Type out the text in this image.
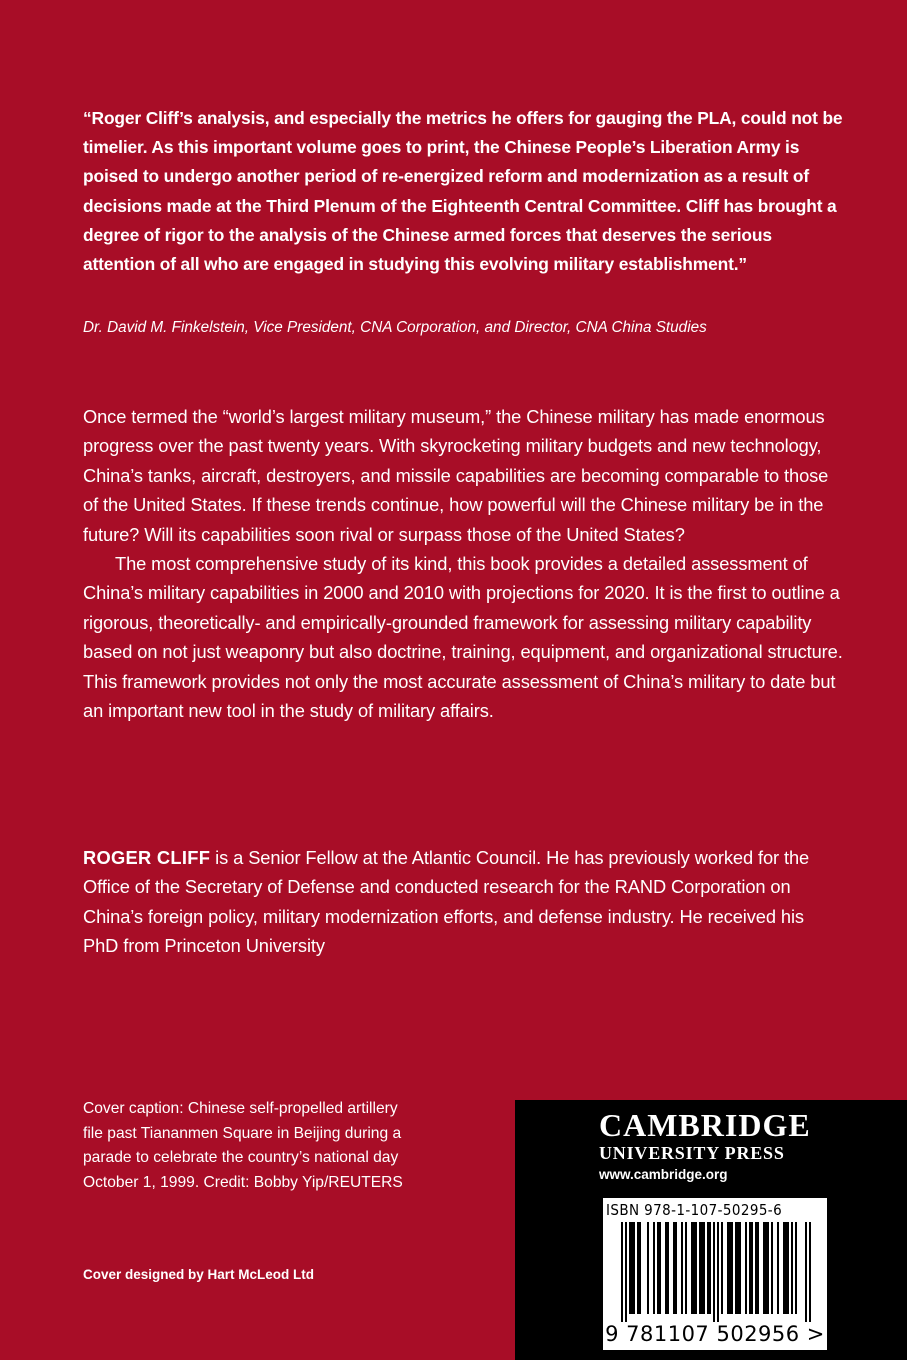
“Roger Cliff’s analysis, and especially the metrics he offers for gauging the PLA, could not be timelier. As this important volume goes to print, the Chinese People’s Liberation Army is poised to undergo another period of re-energized reform and modernization as a result of decisions made at the Third Plenum of the Eighteenth Central Committee. Cliff has brought a degree of rigor to the analysis of the Chinese armed forces that deserves the serious attention of all who are engaged in studying this evolving military establishment.”
Dr. David M. Finkelstein, Vice President, CNA Corporation, and Director, CNA China Studies

Once termed the “world’s largest military museum,” the Chinese military has made enormous progress over the past twenty years. With skyrocketing military budgets and new technology, China’s tanks, aircraft, destroyers, and missile capabilities are becoming comparable to those of the United States. If these trends continue, how powerful will the Chinese military be in the future? Will its capabilities soon rival or surpass those of the United States?

The most comprehensive study of its kind, this book provides a detailed assessment of China’s military capabilities in 2000 and 2010 with projections for 2020. It is the first to outline a rigorous, theoretically- and empirically-grounded framework for assessing military capability based on not just weaponry but also doctrine, training, equipment, and organizational structure. This framework provides not only the most accurate assessment of China’s military to date but an important new tool in the study of military affairs.

ROGER CLIFF is a Senior Fellow at the Atlantic Council. He has previously worked for the Office of the Secretary of Defense and conducted research for the RAND Corporation on China’s foreign policy, military modernization efforts, and defense industry. He received his PhD from Princeton University
Cover caption: Chinese self-propelled artillery file past Tiananmen Square in Beijing during a parade to celebrate the country’s national day October 1, 1999. Credit: Bobby Yip/REUTERS
Cover designed by Hart McLeod Ltd
CAMBRIDGE
UNIVERSITY PRESS
www.cambridge.org
ISBN 978-1-107-50295-6
9 781107 502956 >
